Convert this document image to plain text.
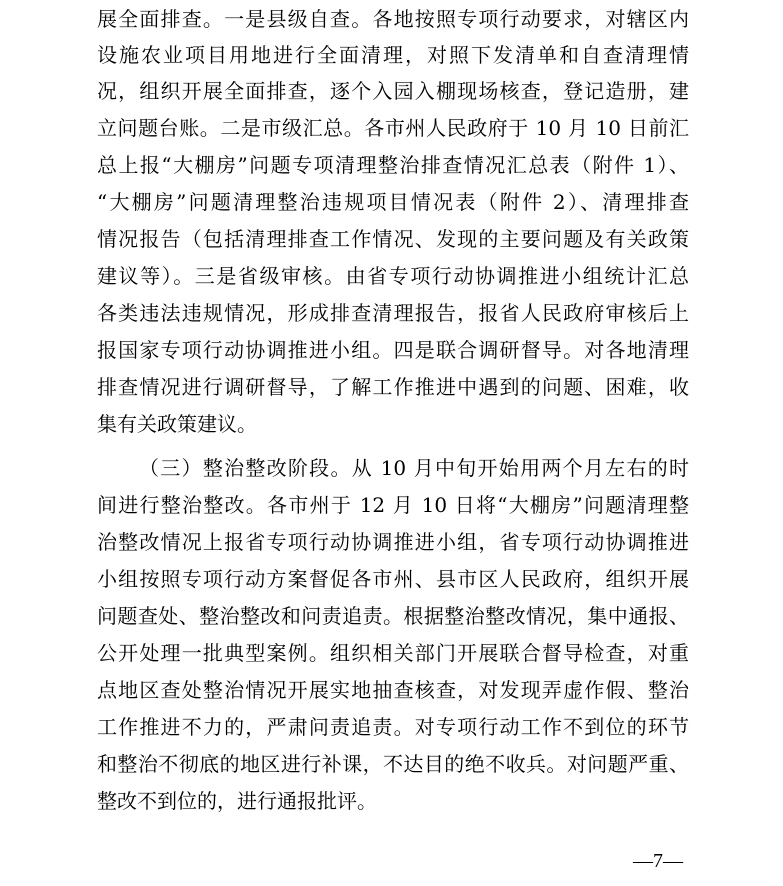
展全面排查。一是县级自查。各地按照专项行动要求，对辖区内
设施农业项目用地进行全面清理，对照下发清单和自查清理情
况，组织开展全面排查，逐个入园入棚现场核查，登记造册，建
立问题台账。二是市级汇总。各市州人民政府于 10 月 10 日前汇
总上报“大棚房”问题专项清理整治排查情况汇总表（附件 1）、
“大棚房”问题清理整治违规项目情况表（附件 2）、清理排查
情况报告（包括清理排查工作情况、发现的主要问题及有关政策
建议等）。三是省级审核。由省专项行动协调推进小组统计汇总
各类违法违规情况，形成排查清理报告，报省人民政府审核后上
报国家专项行动协调推进小组。四是联合调研督导。对各地清理
排查情况进行调研督导，了解工作推进中遇到的问题、困难，收
集有关政策建议。
（三）整治整改阶段。从 10 月中旬开始用两个月左右的时
间进行整治整改。各市州于 12 月 10 日将“大棚房”问题清理整
治整改情况上报省专项行动协调推进小组，省专项行动协调推进
小组按照专项行动方案督促各市州、县市区人民政府，组织开展
问题查处、整治整改和问责追责。根据整治整改情况，集中通报、
公开处理一批典型案例。组织相关部门开展联合督导检查，对重
点地区查处整治情况开展实地抽查核查，对发现弄虚作假、整治
工作推进不力的，严肃问责追责。对专项行动工作不到位的环节
和整治不彻底的地区进行补课，不达目的绝不收兵。对问题严重、
整改不到位的，进行通报批评。
—7—
